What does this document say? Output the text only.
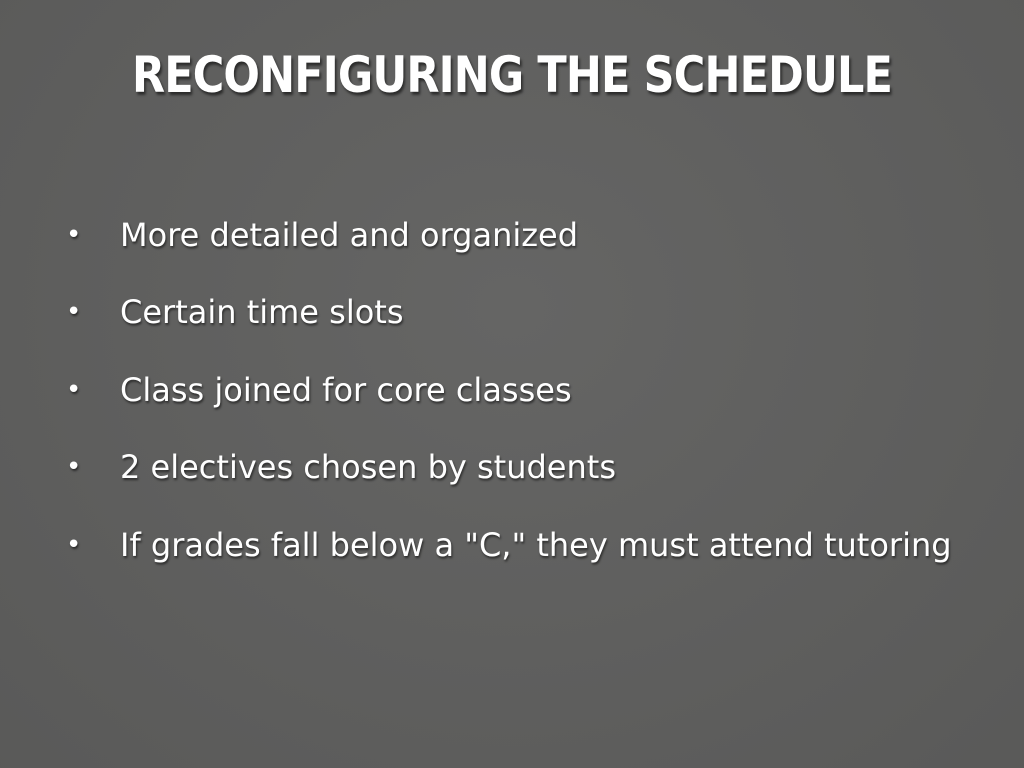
RECONFIGURING THE SCHEDULE
•	More detailed and organized
•	Certain time slots
•	Class joined for core classes
•	2 electives chosen by students
•	If grades fall below a "C," they must attend tutoring
